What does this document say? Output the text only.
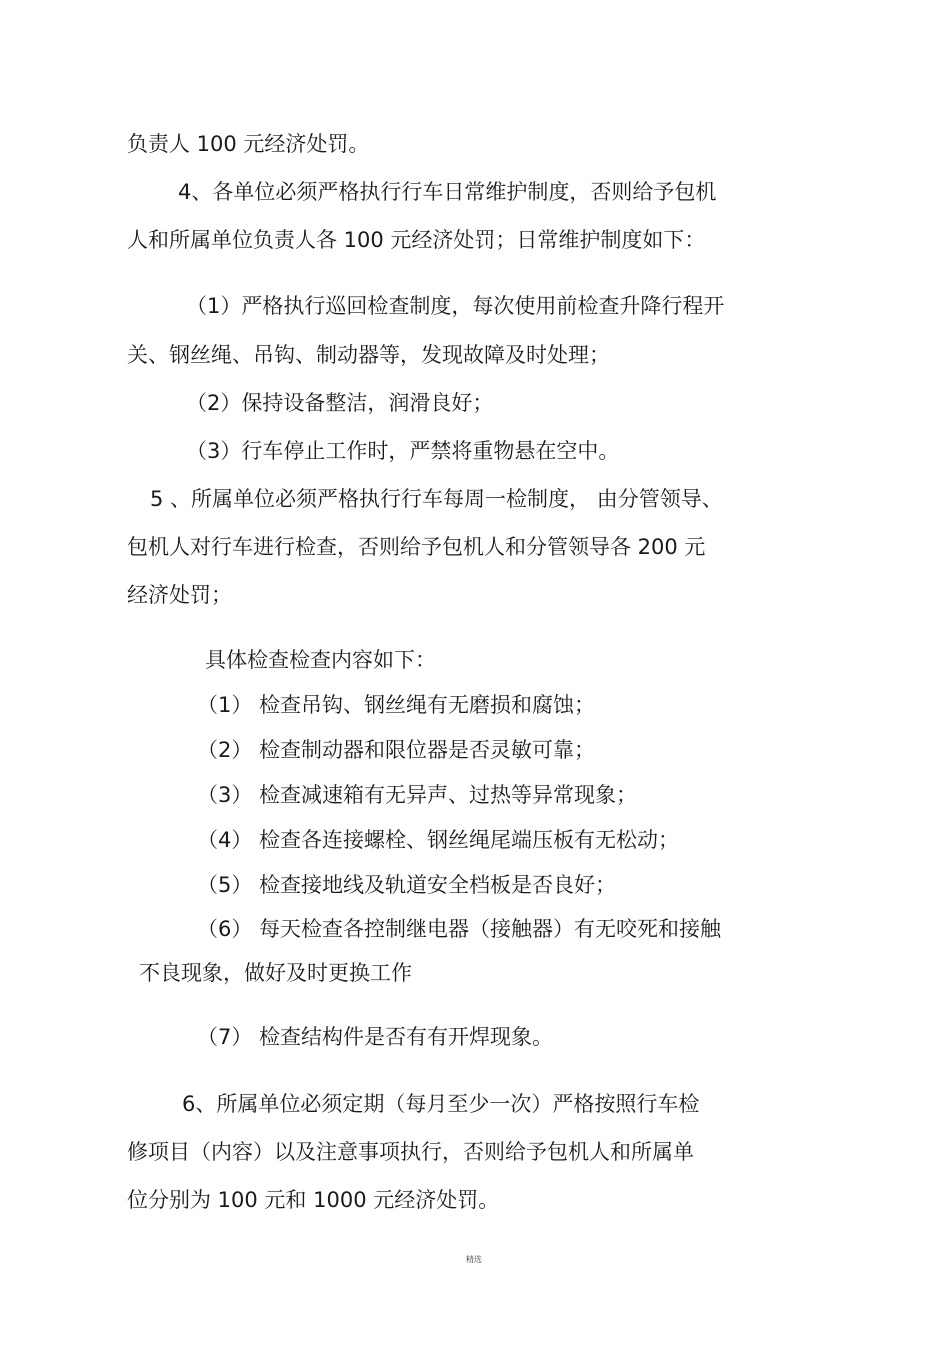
负责人 100 元经济处罚。

4、各单位必须严格执行行车日常维护制度，否则给予包机

人和所属单位负责人各 100 元经济处罚；日常维护制度如下：

（1）严格执行巡回检查制度，每次使用前检查升降行程开

关、钢丝绳、吊钩、制动器等，发现故障及时处理；

（2）保持设备整洁，润滑良好；

（3）行车停止工作时，严禁将重物悬在空中。

5 、所属单位必须严格执行行车每周一检制度， 由分管领导、

包机人对行车进行检查，否则给予包机人和分管领导各 200 元

经济处罚；

具体检查检查内容如下：

（1） 检查吊钩、钢丝绳有无磨损和腐蚀；

（2） 检查制动器和限位器是否灵敏可靠；

（3） 检查减速箱有无异声、过热等异常现象；

（4） 检查各连接螺栓、钢丝绳尾端压板有无松动；

（5） 检查接地线及轨道安全档板是否良好；

（6） 每天检查各控制继电器（接触器）有无咬死和接触

不良现象，做好及时更换工作

（7） 检查结构件是否有有开焊现象。

6、所属单位必须定期（每月至少一次）严格按照行车检

修项目（内容）以及注意事项执行，否则给予包机人和所属单

位分别为 100 元和 1000 元经济处罚。

精选
